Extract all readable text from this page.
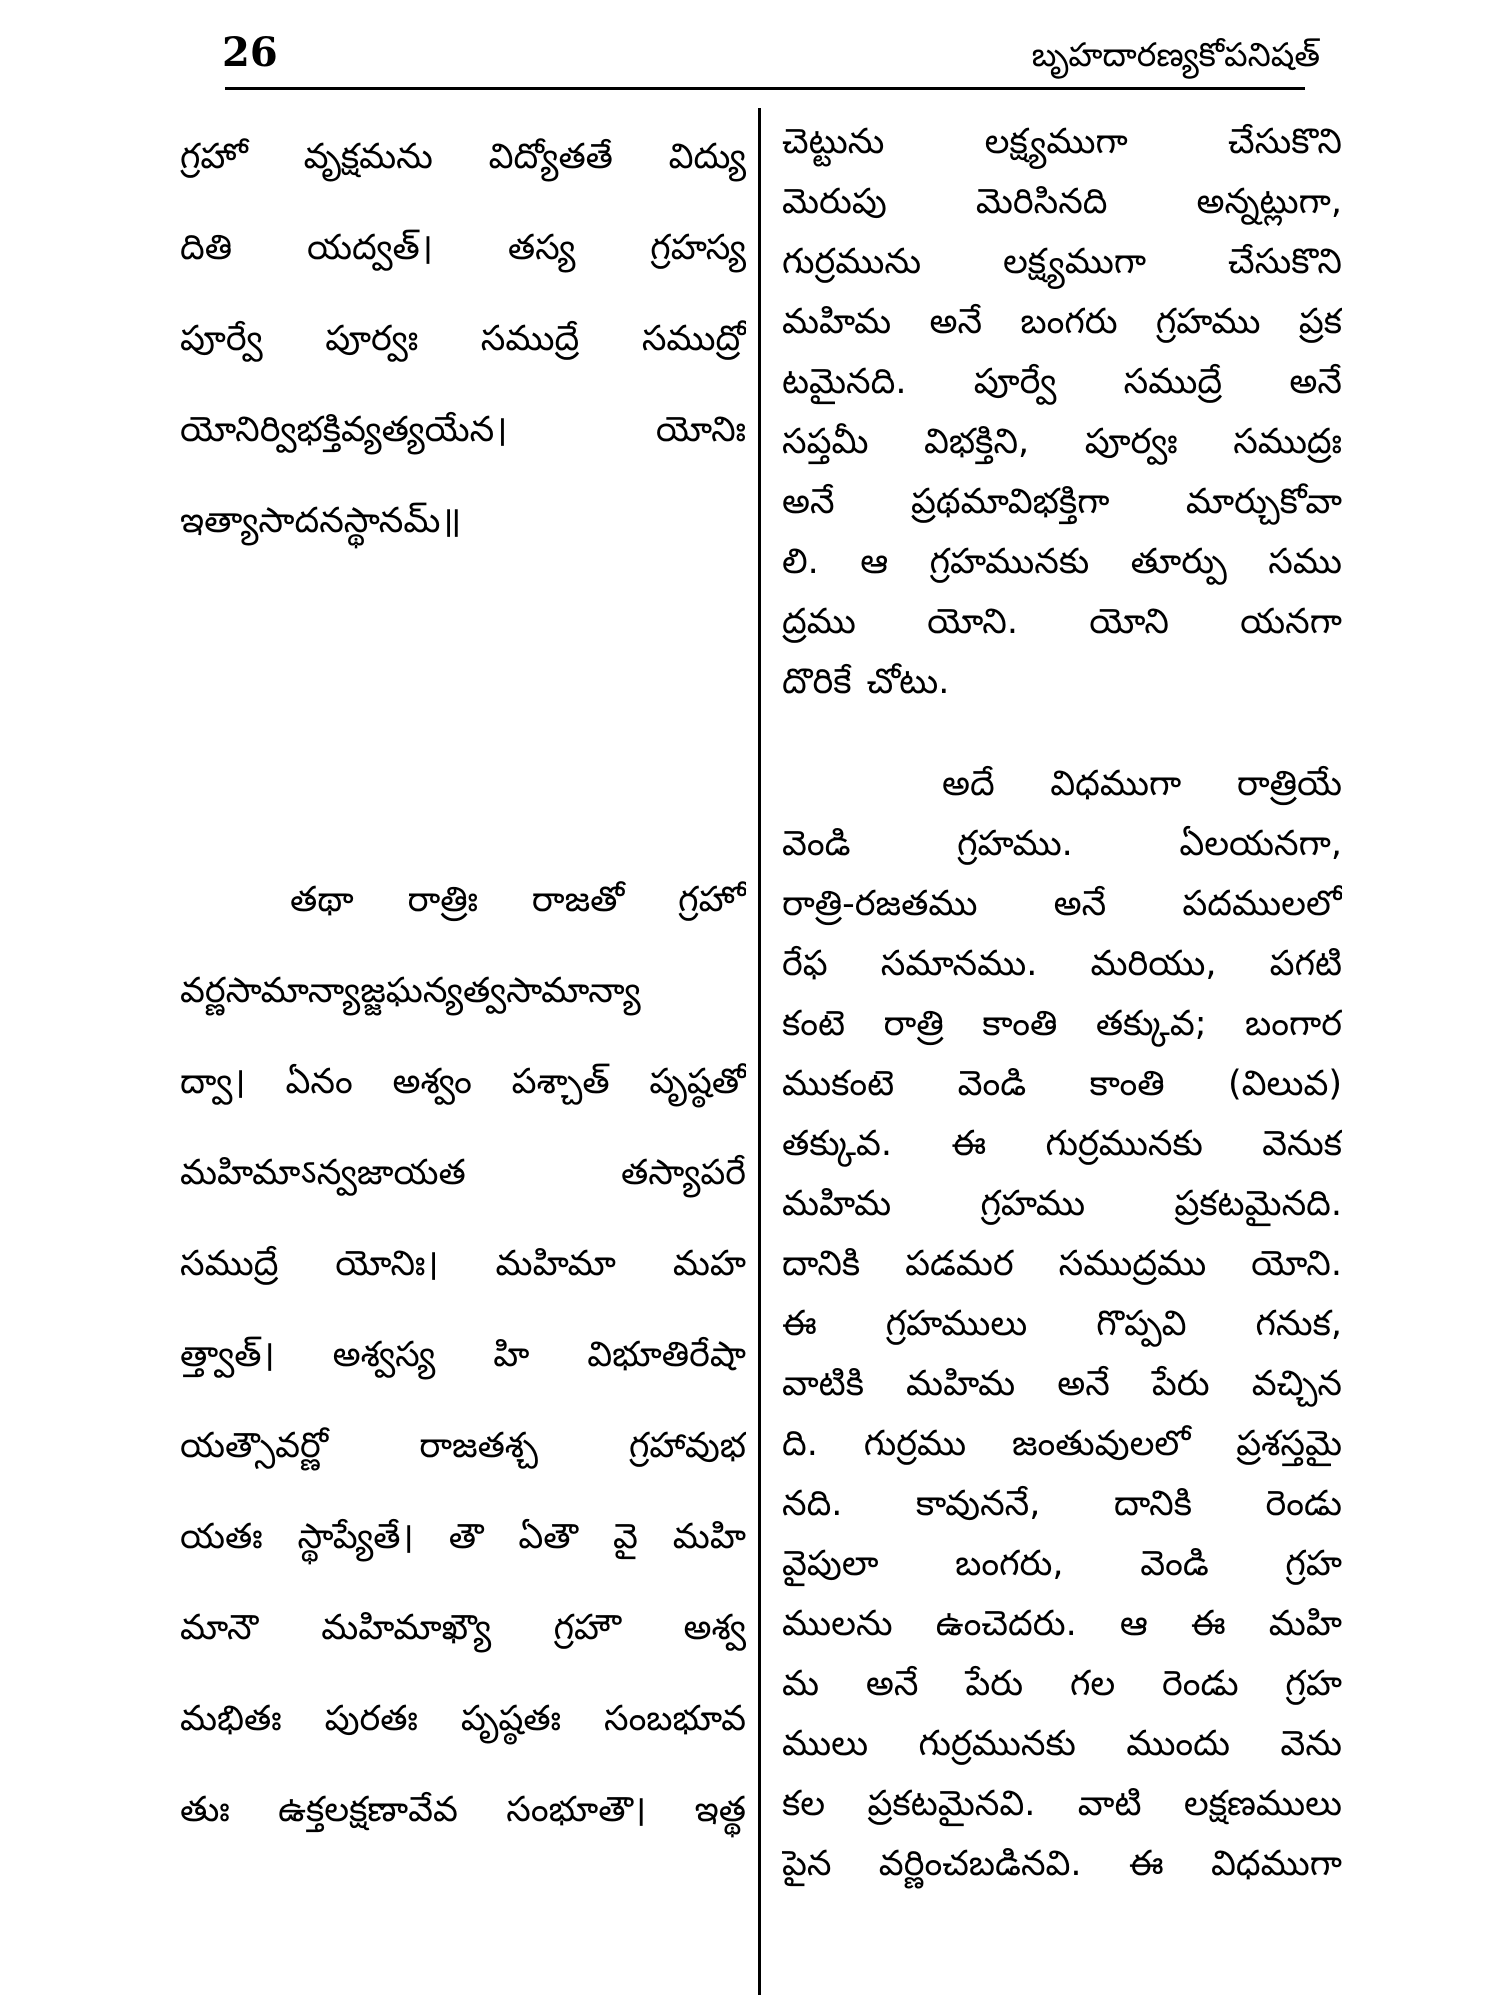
26	బృహదారణ్యకోపనిషత్
గ్రహో వృక్షమను విద్యోతతే విద్యు
దితి యద్వత్। తస్య గ్రహస్య
పూర్వే పూర్వః సముద్రే సముద్రో
యోనిర్విభక్తివ్యత్యయేన। యోనిః
ఇత్యాసాదనస్థానమ్॥
తథా రాత్రిః రాజతో గ్రహో
వర్ణసామాన్యాజ్జఘన్యత్వసామాన్యా
ద్వా। ఏనం అశ్వం పశ్చాత్ పృష్ఠతో
మహిమాऽన్వజాయత తస్యాపరే
సముద్రే యోనిః। మహిమా మహ
త్త్వాత్। అశ్వస్య హి విభూతిరేషా
యత్సౌవర్ణో రాజతశ్చ గ్రహావుభ
యతః స్థాప్యేతే। తౌ ఏతౌ వై మహి
మానౌ మహిమాఖ్యౌ గ్రహౌ అశ్వ
మభితః పురతః పృష్ఠతః సంబభూవ
తుః ఉక్తలక్షణావేవ సంభూతౌ। ఇత్థ
చెట్టును లక్ష్యముగా చేసుకొని
మెరుపు మెరిసినది అన్నట్లుగా,
గుర్రమును లక్ష్యముగా చేసుకొని
మహిమ అనే బంగరు గ్రహము ప్రక
టమైనది. పూర్వే సముద్రే అనే
సప్తమీ విభక్తిని, పూర్వః సముద్రః
అనే ప్రథమావిభక్తిగా మార్చుకోవా
లి. ఆ గ్రహమునకు తూర్పు సము
ద్రము యోని. యోని యనగా
దొరికే చోటు.
అదే విధముగా రాత్రియే
వెండి గ్రహము. ఏలయనగా,
రాత్రి-రజతము అనే పదములలో
రేఫ సమానము. మరియు, పగటి
కంటె రాత్రి కాంతి తక్కువ; బంగార
ముకంటె వెండి కాంతి (విలువ)
తక్కువ. ఈ గుర్రమునకు వెనుక
మహిమ గ్రహము ప్రకటమైనది.
దానికి పడమర సముద్రము యోని.
ఈ గ్రహములు గొప్పవి గనుక,
వాటికి మహిమ అనే పేరు వచ్చిన
ది. గుర్రము జంతువులలో ప్రశస్తమై
నది. కావుననే, దానికి రెండు
వైపులా బంగరు, వెండి గ్రహ
ములను ఉంచెదరు. ఆ ఈ మహి
మ అనే పేరు గల రెండు గ్రహ
ములు గుర్రమునకు ముందు వెను
కల ప్రకటమైనవి. వాటి లక్షణములు
పైన వర్ణించబడినవి. ఈ విధముగా
